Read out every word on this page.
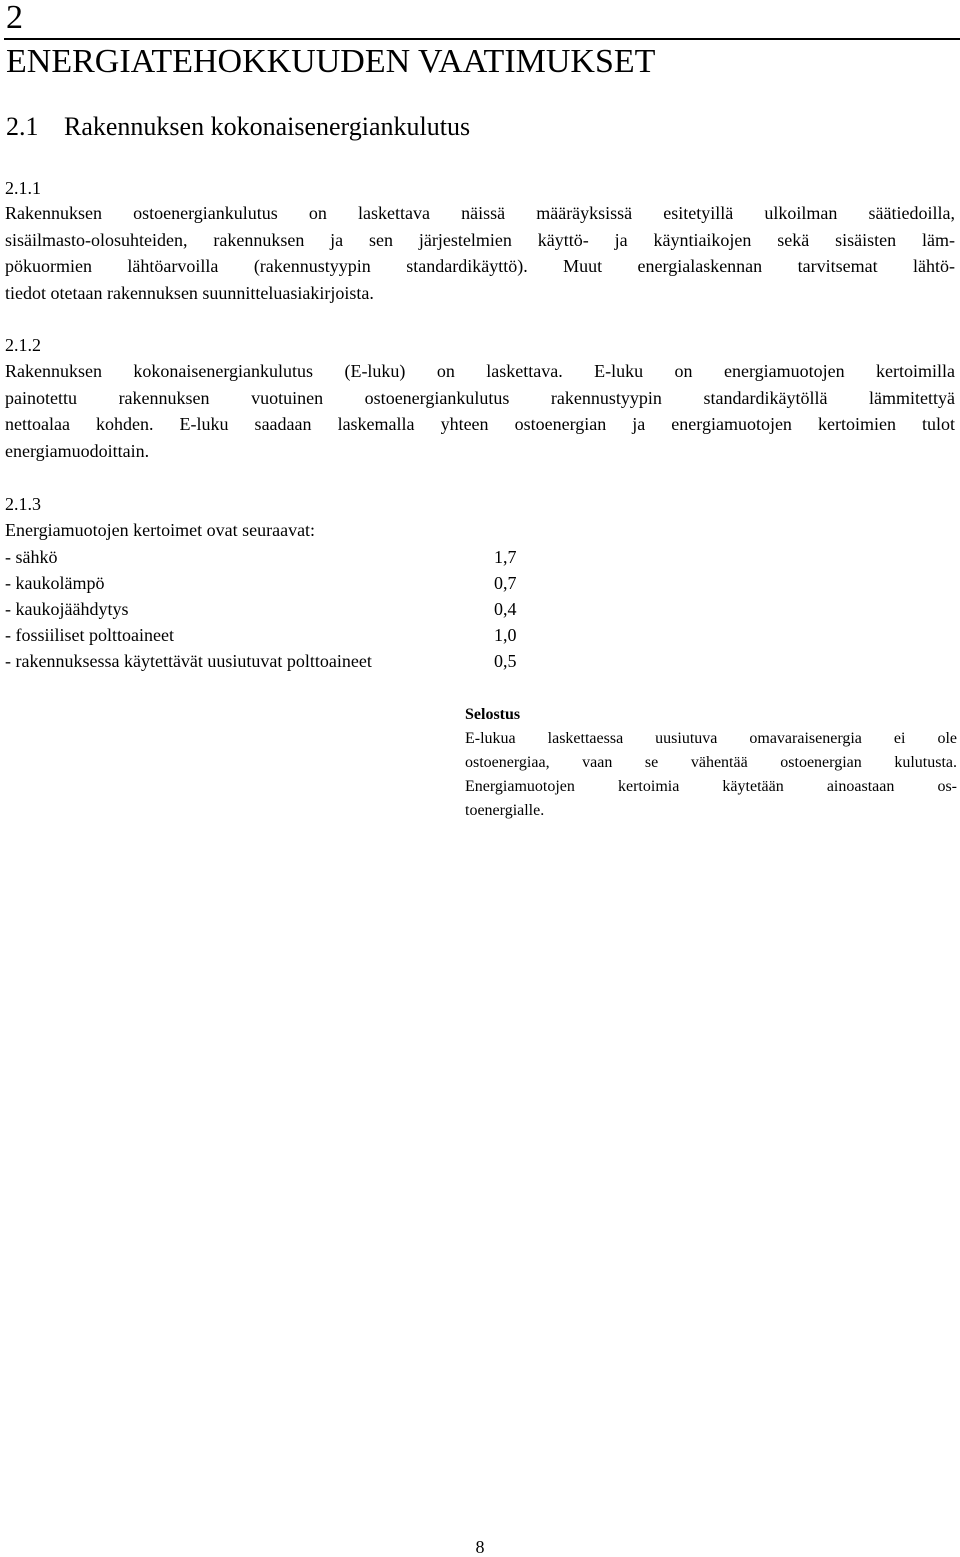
2
ENERGIATEHOKKUUDEN VAATIMUKSET
2.1 Rakennuksen kokonaisenergiankulutus
2.1.1
Rakennuksen ostoenergiankulutus on laskettava näissä määräyksissä esitetyillä ulkoilman säätiedoilla,
sisäilmasto-olosuhteiden, rakennuksen ja sen järjestelmien käyttö- ja käyntiaikojen sekä sisäisten läm-
pökuormien lähtöarvoilla (rakennustyypin standardikäyttö). Muut energialaskennan tarvitsemat lähtö-
tiedot otetaan rakennuksen suunnitteluasiakirjoista.
2.1.2
Rakennuksen kokonaisenergiankulutus (E-luku) on laskettava. E-luku on energiamuotojen kertoimilla
painotettu rakennuksen vuotuinen ostoenergiankulutus rakennustyypin standardikäytöllä lämmitettyä
nettoalaa kohden. E-luku saadaan laskemalla yhteen ostoenergian ja energiamuotojen kertoimien tulot
energiamuodoittain.
2.1.3
Energiamuotojen kertoimet ovat seuraavat:
- sähkö	1,7
- kaukolämpö	0,7
- kaukojäähdytys	0,4
- fossiiliset polttoaineet	1,0
- rakennuksessa käytettävät uusiutuvat polttoaineet	0,5
Selostus
E-lukua laskettaessa uusiutuva omavaraisenergia ei ole
ostoenergiaa, vaan se vähentää ostoenergian kulutusta.
Energiamuotojen kertoimia käytetään ainoastaan os-
toenergialle.
8
